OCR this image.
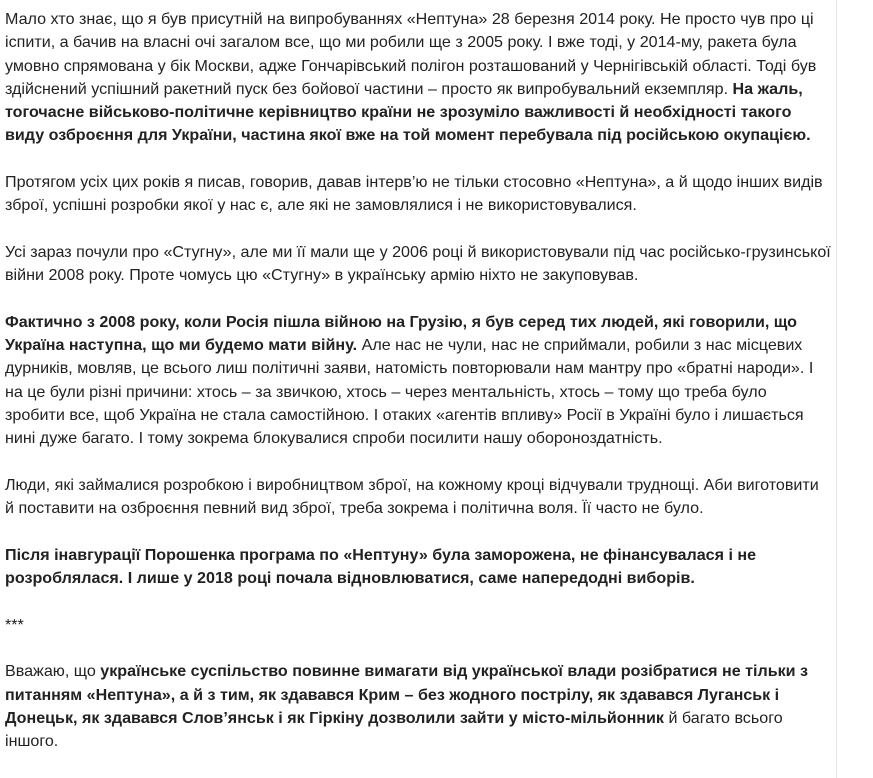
Мало хто знає, що я був присутній на випробуваннях «Нептуна» 28 березня 2014 року. Не просто чув про ці іспити, а бачив на власні очі загалом все, що ми робили ще з 2005 року. І вже тоді, у 2014-му, ракета була умовно спрямована у бік Москви, адже Гончарівський полігон розташований у Чернігівській області. Тоді був здійснений успішний ракетний пуск без бойової частини – просто як випробувальний екземпляр. На жаль, тогочасне військово-політичне керівництво країни не зрозуміло важливості й необхідності такого виду озброєння для України, частина якої вже на той момент перебувала під російською окупацією.

Протягом усіх цих років я писав, говорив, давав інтерв’ю не тільки стосовно «Нептуна», а й щодо інших видів зброї, успішні розробки якої у нас є, але які не замовлялися і не використовувалися.

Усі зараз почули про «Стугну», але ми її мали ще у 2006 році й використовували під час російсько-грузинської війни 2008 року. Проте чомусь цю «Стугну» в українську армію ніхто не закуповував.

Фактично з 2008 року, коли Росія пішла війною на Грузію, я був серед тих людей, які говорили, що Україна наступна, що ми будемо мати війну. Але нас не чули, нас не сприймали, робили з нас місцевих дурників, мовляв, це всього лиш політичні заяви, натомість повторювали нам мантру про «братні народи». І на це були різні причини: хтось – за звичкою, хтось – через ментальність, хтось – тому що треба було зробити все, щоб Україна не стала самостійною. І отаких «агентів впливу» Росії в Україні було і лишається нині дуже багато. І тому зокрема блокувалися спроби посилити нашу обороноздатність.

Люди, які займалися розробкою і виробництвом зброї, на кожному кроці відчували труднощі. Аби виготовити й поставити на озброєння певний вид зброї, треба зокрема і політична воля. Її часто не було.

Після інавгурації Порошенка програма по «Нептуну» була заморожена, не фінансувалася і не розроблялася. І лише у 2018 році почала відновлюватися, саме напередодні виборів.

***

Вважаю, що українське суспільство повинне вимагати від української влади розібратися не тільки з питанням «Нептуна», а й з тим, як здавався Крим – без жодного пострілу, як здавався Луганськ і Донецьк, як здавався Слов’янськ і як Гіркіну дозволили зайти у місто-мільйонник й багато всього іншого.
